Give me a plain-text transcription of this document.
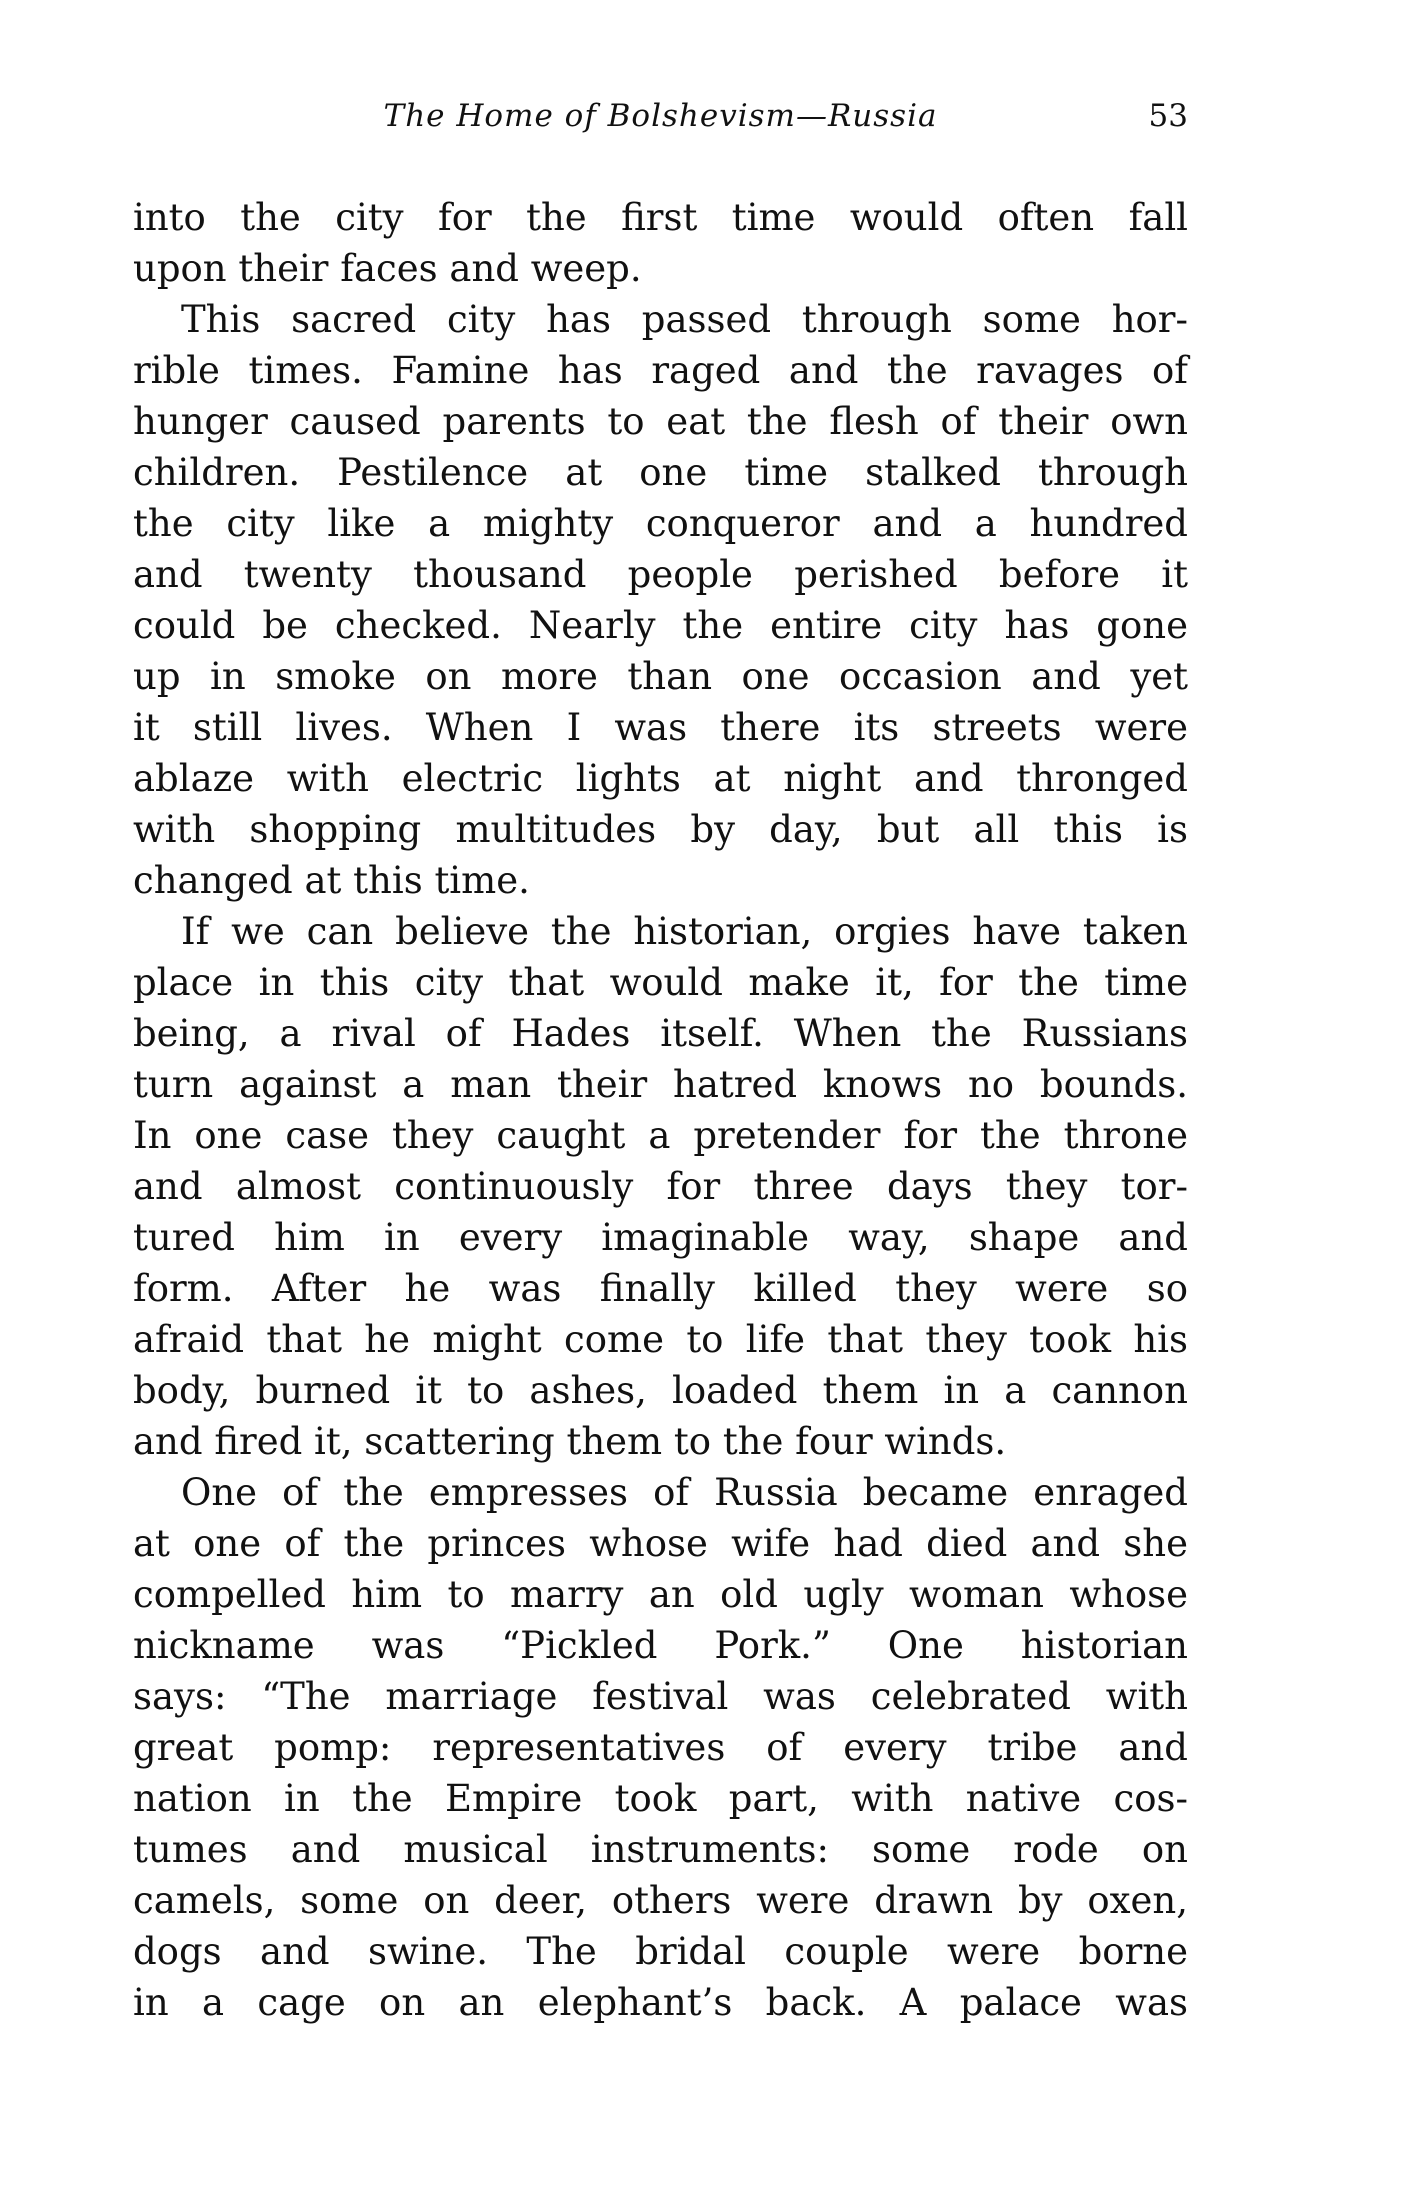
The Home of Bolshevism—Russia	53
into the city for the first time would often fall
upon their faces and weep.
This sacred city has passed through some hor-
rible times. Famine has raged and the ravages of
hunger caused parents to eat the flesh of their own
children. Pestilence at one time stalked through
the city like a mighty conqueror and a hundred
and twenty thousand people perished before it
could be checked. Nearly the entire city has gone
up in smoke on more than one occasion and yet
it still lives. When I was there its streets were
ablaze with electric lights at night and thronged
with shopping multitudes by day, but all this is
changed at this time.
If we can believe the historian, orgies have taken
place in this city that would make it, for the time
being, a rival of Hades itself. When the Russians
turn against a man their hatred knows no bounds.
In one case they caught a pretender for the throne
and almost continuously for three days they tor-
tured him in every imaginable way, shape and
form. After he was finally killed they were so
afraid that he might come to life that they took his
body, burned it to ashes, loaded them in a cannon
and fired it, scattering them to the four winds.
One of the empresses of Russia became enraged
at one of the princes whose wife had died and she
compelled him to marry an old ugly woman whose
nickname was “Pickled Pork.” One historian
says: “The marriage festival was celebrated with
great pomp: representatives of every tribe and
nation in the Empire took part, with native cos-
tumes and musical instruments: some rode on
camels, some on deer, others were drawn by oxen,
dogs and swine. The bridal couple were borne
in a cage on an elephant’s back. A palace was
